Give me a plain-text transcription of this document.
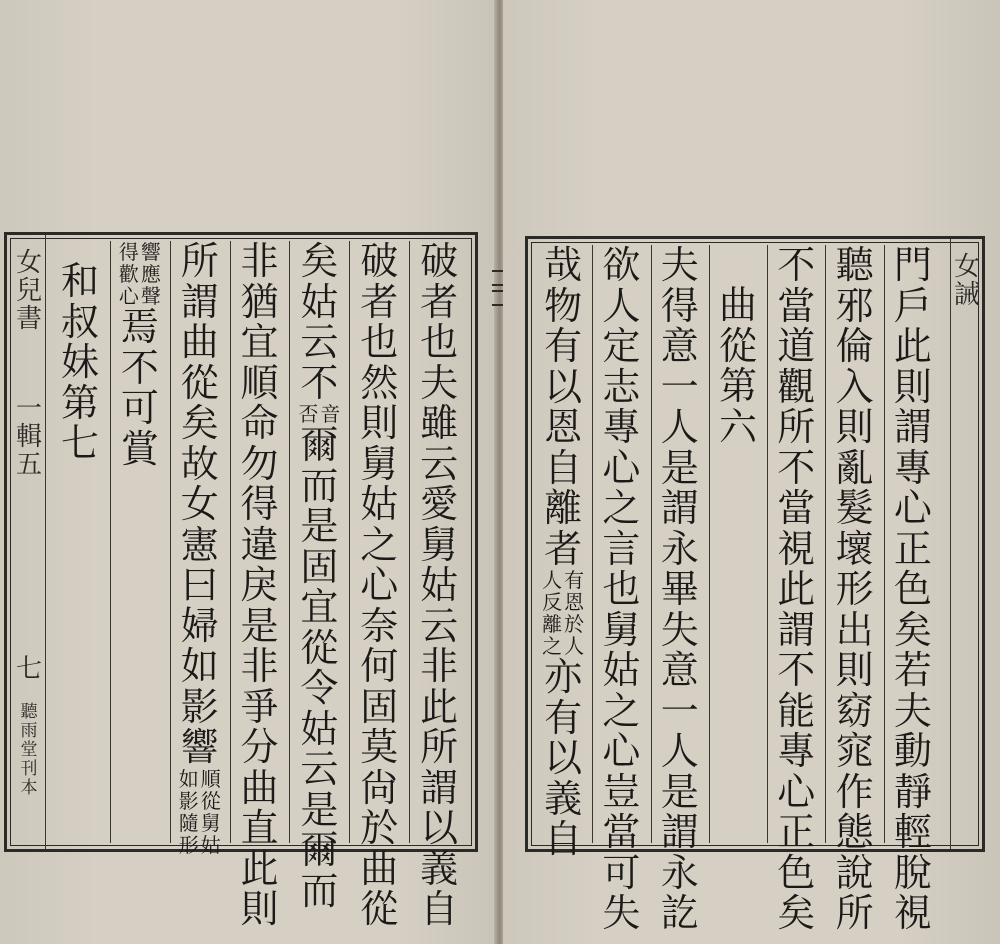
女兒書
一輯五
七
聽雨堂刊本
破者也夫雖云愛舅姑云非此所謂以義自
破者也然則舅姑之心奈何固莫尙於曲從
矣姑云不
音
否
爾而是固宜從令姑云是爾而
非猶宜順命勿得違戾是非爭分曲直此則
所謂曲從矣故女憲曰婦如影響
順從舅姑
如影隨形
響應聲
得歡心
焉不可賞
和叔妹第七
女誡
門戶此則謂專心正色矣若夫動靜輕脫視
聽邪倫入則亂髮壞形出則窈窕作態說所
不當道觀所不當視此謂不能專心正色矣
曲從第六
夫得意一人是謂永畢失意一人是謂永訖
欲人定志專心之言也舅姑之心豈當可失
哉物有以恩自離者
有恩於人
人反離之
亦有以義自
